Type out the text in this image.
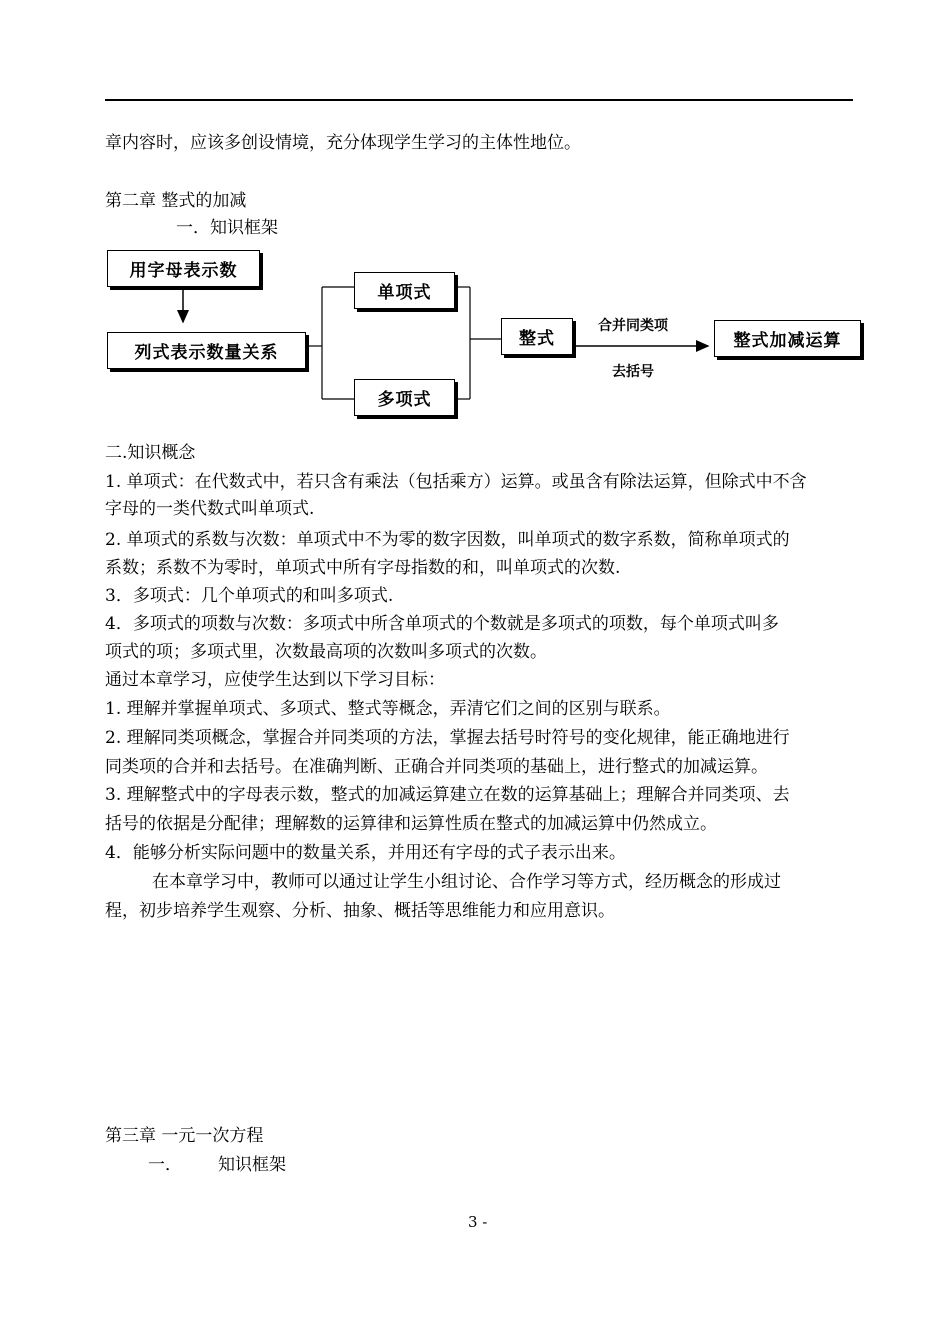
章内容时，应该多创设情境，充分体现学生学习的主体性地位。
第二章 整式的加减
一．知识框架
用字母表示数
列式表示数量关系
单项式
多项式
整式	整式加减运算
合并同类项
去括号
二.知识概念
1. 单项式：在代数式中，若只含有乘法（包括乘方）运算。或虽含有除法运算，但除式中不含
字母的一类代数式叫单项式.
2. 单项式的系数与次数：单项式中不为零的数字因数，叫单项式的数字系数，简称单项式的
系数；系数不为零时，单项式中所有字母指数的和，叫单项式的次数.
3．多项式：几个单项式的和叫多项式.
4．多项式的项数与次数：多项式中所含单项式的个数就是多项式的项数，每个单项式叫多
项式的项；多项式里，次数最高项的次数叫多项式的次数。
通过本章学习，应使学生达到以下学习目标：
1. 理解并掌握单项式、多项式、整式等概念，弄清它们之间的区别与联系。
2. 理解同类项概念，掌握合并同类项的方法，掌握去括号时符号的变化规律，能正确地进行
同类项的合并和去括号。在准确判断、正确合并同类项的基础上，进行整式的加减运算。
3. 理解整式中的字母表示数，整式的加减运算建立在数的运算基础上；理解合并同类项、去
括号的依据是分配律；理解数的运算律和运算性质在整式的加减运算中仍然成立。
4．能够分析实际问题中的数量关系，并用还有字母的式子表示出来。
在本章学习中，教师可以通过让学生小组讨论、合作学习等方式，经历概念的形成过
程，初步培养学生观察、分析、抽象、概括等思维能力和应用意识。
第三章 一元一次方程
一． 知识框架
3 -
